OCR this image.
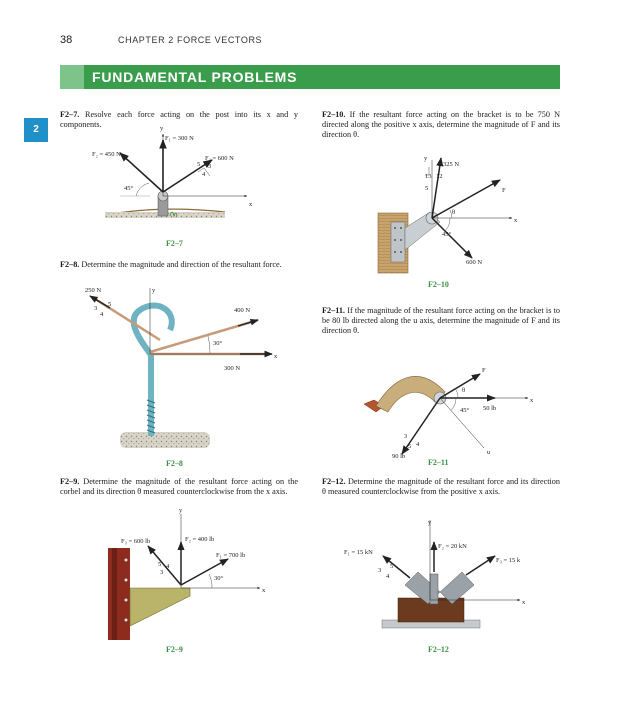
38	CHAPTER 2 FORCE VECTORS
FUNDAMENTAL PROBLEMS
2
F2–7. Resolve each force acting on the post into its x and y components.
F2–8. Determine the magnitude and direction of the resultant force.
F2–9. Determine the magnitude of the resultant force acting on the corbel and its direction θ measured counterclockwise from the x axis.
F2–10. If the resultant force acting on the bracket is to be 750 N directed along the positive x axis, determine the magnitude of F and its direction θ.
F2–11. If the magnitude of the resultant force acting on the bracket is to be 80 lb directed along the u axis, determine the magnitude of F and its direction θ.
F2–12. Determine the magnitude of the resultant force and its direction θ measured counterclockwise from the positive x axis.
F2–7
F2–8
F2–9
F2–10
F2–11
F2–12
F₁ = 300 N
F₂ = 450 N
F₃ = 600 N
45°
y
x
3
4
5
250 N
400 N
300 N
30°
y
x
3
4
5
F₃ = 600 lb	F₂ = 400 lb
F₁ = 700 lb
30°
y
x
3
4
5
325 N
600 N
F
θ
45°
y
x
5
12
13
F
θ
50 lb
45°
90 lb
u
x
3
4
5
F₁ = 15 kN
F₂ = 20 kN
F₃ = 15 k
y
x
3
4
5
